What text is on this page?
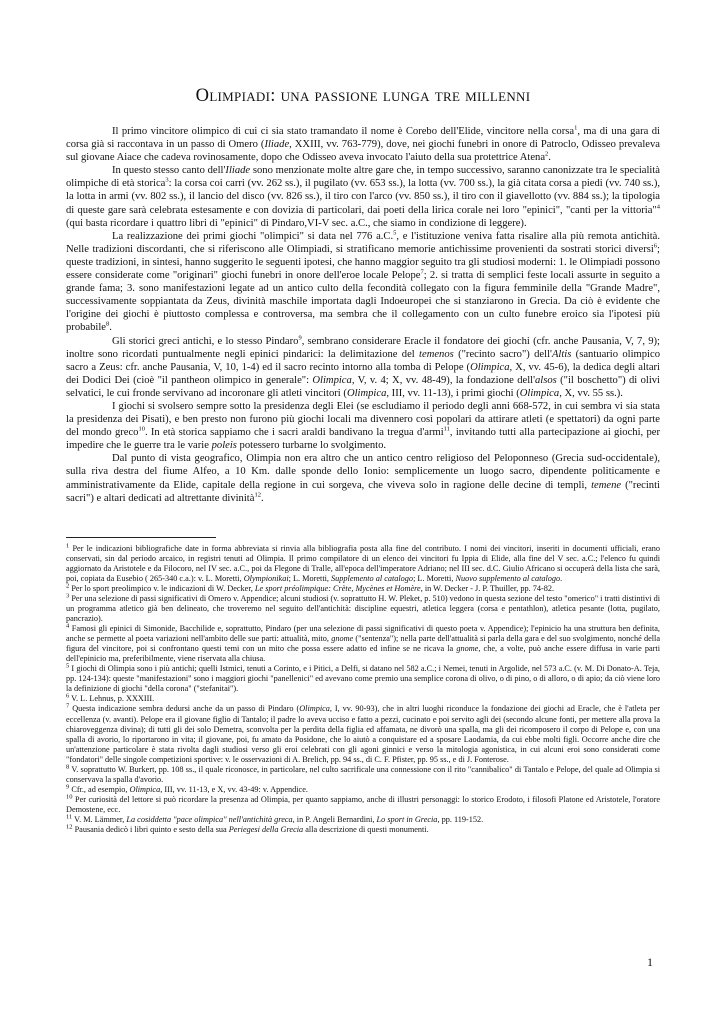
Olimpiadi: una passione lunga tre millenni

Il primo vincitore olimpico di cui ci sia stato tramandato il nome è Corebo dell'Elide, vincitore nella corsa$^1$, ma di una gara di corsa già si raccontava in un passo di Omero (Iliade, XXIII, vv. 763-779), dove, nei giochi funebri in onore di Patroclo, Odisseo prevaleva sul giovane Aiace che cadeva rovinosamente, dopo che Odisseo aveva invocato l'aiuto della sua protettrice Atena$^2$.

In questo stesso canto dell'Iliade sono menzionate molte altre gare che, in tempo successivo, saranno canonizzate tra le specialità olimpiche di età storica$^3$: la corsa coi carri (vv. 262 ss.), il pugilato (vv. 653 ss.), la lotta (vv. 700 ss.), la già citata corsa a piedi (vv. 740 ss.), la lotta in armi (vv. 802 ss.), il lancio del disco (vv. 826 ss.), il tiro con l'arco (vv. 850 ss.), il tiro con il giavellotto (vv. 884 ss.); la tipologia di queste gare sarà celebrata estesamente e con dovizia di particolari, dai poeti della lirica corale nei loro "epinici", "canti per la vittoria"$^4$ (qui basta ricordare i quattro libri di "epinici" di Pindaro,VI-V sec. a.C., che siamo in condizione di leggere).

La realizzazione dei primi giochi "olimpici" si data nel 776 a.C.$^5$, e l'istituzione veniva fatta risalire alla più remota antichità. Nelle tradizioni discordanti, che si riferiscono alle Olimpiadi, si stratificano memorie antichissime provenienti da sostrati storici diversi$^6$; queste tradizioni, in sintesi, hanno suggerito le seguenti ipotesi, che hanno maggior seguito tra gli studiosi moderni: 1. le Olimpiadi possono essere considerate come "originari" giochi funebri in onore dell'eroe locale Pelope$^7$; 2. si tratta di semplici feste locali assurte in seguito a grande fama; 3. sono manifestazioni legate ad un antico culto della fecondità collegato con la figura femminile della "Grande Madre", successivamente soppiantata da Zeus, divinità maschile importata dagli Indoeuropei che si stanziarono in Grecia. Da ciò è evidente che l'origine dei giochi è piuttosto complessa e controversa, ma sembra che il collegamento con un culto funebre eroico sia l'ipotesi più probabile$^8$.

Gli storici greci antichi, e lo stesso Pindaro$^9$, sembrano considerare Eracle il fondatore dei giochi (cfr. anche Pausania, V, 7, 9); inoltre sono ricordati puntualmente negli epinici pindarici: la delimitazione del temenos ("recinto sacro") dell'Altis (santuario olimpico sacro a Zeus: cfr. anche Pausania, V, 10, 1-4) ed il sacro recinto intorno alla tomba di Pelope (Olimpica, X, vv. 45-6), la dedica degli altari dei Dodici Dei (cioè "il pantheon olimpico in generale": Olimpica, V, v. 4; X, vv. 48-49), la fondazione dell'alsos ("il boschetto") di olivi selvatici, le cui fronde servivano ad incoronare gli atleti vincitori (Olimpica, III, vv. 11-13), i primi giochi (Olimpica, X, vv. 55 ss.).

I giochi si svolsero sempre sotto la presidenza degli Elei (se escludiamo il periodo degli anni 668-572, in cui sembra vi sia stata la presidenza dei Pisati), e ben presto non furono più giochi locali ma divennero così popolari da attirare atleti (e spettatori) da ogni parte del mondo greco$^{10}$. In età storica sappiamo che i sacri araldi bandivano la tregua d'armi$^{11}$, invitando tutti alla partecipazione ai giochi, per impedire che le guerre tra le varie poleis potessero turbarne lo svolgimento.

Dal punto di vista geografico, Olimpia non era altro che un antico centro religioso del Peloponneso (Grecia sud-occidentale), sulla riva destra del fiume Alfeo, a 10 Km. dalle sponde dello Ionio: semplicemente un luogo sacro, dipendente politicamente e amministrativamente da Elide, capitale della regione in cui sorgeva, che viveva solo in ragione delle decine di templi, temene ("recinti sacri") e altari dedicati ad altrettante divinità$^{12}$.

$^1$ Per le indicazioni bibliografiche date in forma abbreviata si rinvia alla bibliografia posta alla fine del contributo. I nomi dei vincitori, inseriti in documenti ufficiali, erano conservati, sin dal periodo arcaico, in registri tenuti ad Olimpia. Il primo compilatore di un elenco dei vincitori fu Ippia di Elide, alla fine del V sec. a.C.; l'elenco fu quindi aggiornato da Aristotele e da Filocoro, nel IV sec. a.C., poi da Flegone di Tralle, all'epoca dell'imperatore Adriano; nel III sec. d.C. Giulio Africano si occuperà della lista che sarà, poi, copiata da Eusebio ( 265-340 c.a.): v. L. Moretti, Olympionikai; L. Moretti, Supplemento al catalogo; L. Moretti, Nuovo supplemento al catalogo.

$^2$ Per lo sport preolimpico v. le indicazioni di W. Decker, Le sport préolimpique: Crète, Mycènes et Homère, in W. Decker - J. P. Thuiller, pp. 74-82.

$^3$ Per una selezione di passi significativi di Omero v. Appendice; alcuni studiosi (v. soprattutto H. W. Pleket, p. 510) vedono in questa sezione del testo "omerico" i tratti distintivi di un programma atletico già ben delineato, che troveremo nel seguito dell'antichità: discipline equestri, atletica leggera (corsa e pentathlon), atletica pesante (lotta, pugilato, pancrazio).

$^4$ Famosi gli epinici di Simonide, Bacchilide e, soprattutto, Pindaro (per una selezione di passi significativi di questo poeta v. Appendice); l'epinicio ha una struttura ben definita, anche se permette al poeta variazioni nell'ambito delle sue parti: attualità, mito, gnome ("sentenza"); nella parte dell'attualità si parla della gara e del suo svolgimento, nonché della figura del vincitore, poi si confrontano questi temi con un mito che possa essere adatto ed infine se ne ricava la gnome, che, a volte, può anche essere diffusa in varie parti dell'epinicio ma, preferibilmente, viene riservata alla chiusa.

$^5$ I giochi di Olimpia sono i più antichi; quelli Istmici, tenuti a Corinto, e i Pitici, a Delfi, si datano nel 582 a.C.; i Nemei, tenuti in Argolide, nel 573 a.C. (v. M. Di Donato-A. Teja, pp. 124-134): queste "manifestazioni" sono i maggiori giochi "panellenici" ed avevano come premio una semplice corona di olivo, o di pino, o di alloro, o di apio; da ciò viene loro la definizione di giochi "della corona" ("stefanitai").

$^6$ V. L. Lehnus, p. XXXIII.

$^7$ Questa indicazione sembra dedursi anche da un passo di Pindaro (Olimpica, I, vv. 90-93), che in altri luoghi riconduce la fondazione dei giochi ad Eracle, che è l'atleta per eccellenza (v. avanti). Pelope era il giovane figlio di Tantalo; il padre lo aveva ucciso e fatto a pezzi, cucinato e poi servito agli dei (secondo alcune fonti, per mettere alla prova la chiaroveggenza divina); di tutti gli dei solo Demetra, sconvolta per la perdita della figlia ed affamata, ne divorò una spalla, ma gli dei ricomposero il corpo di Pelope e, con una spalla di avorio, lo riportarono in vita; il giovane, poi, fu amato da Posidone, che lo aiutò a conquistare ed a sposare Laodamia, da cui ebbe molti figli. Occorre anche dire che un'attenzione particolare è stata rivolta dagli studiosi verso gli eroi celebrati con gli agoni ginnici e verso la mitologia agonistica, in cui alcuni eroi sono considerati come "fondatori" delle singole competizioni sportive: v. le osservazioni di A. Brelich, pp. 94 ss., di C. F. Pfister, pp. 95 ss., e di J. Fonterose.

$^8$ V. soprattutto W. Burkert, pp. 108 ss., il quale riconosce, in particolare, nel culto sacrificale una connessione con il rito "cannibalico" di Tantalo e Pelope, del quale ad Olimpia si conservava la spalla d'avorio.

$^9$ Cfr., ad esempio, Olimpica, III, vv. 11-13, e X, vv. 43-49: v. Appendice.

$^{10}$ Per curiosità del lettore si può ricordare la presenza ad Olimpia, per quanto sappiamo, anche di illustri personaggi: lo storico Erodoto, i filosofi Platone ed Aristotele, l'oratore Demostene, ecc.

$^{11}$ V. M. Lämmer, La cosiddetta "pace olimpica" nell'antichità greca, in P. Angeli Bernardini, Lo sport in Grecia, pp. 119-152.

$^{12}$ Pausania dedicò i libri quinto e sesto della sua Periegesi della Grecia alla descrizione di questi monumenti.

1
